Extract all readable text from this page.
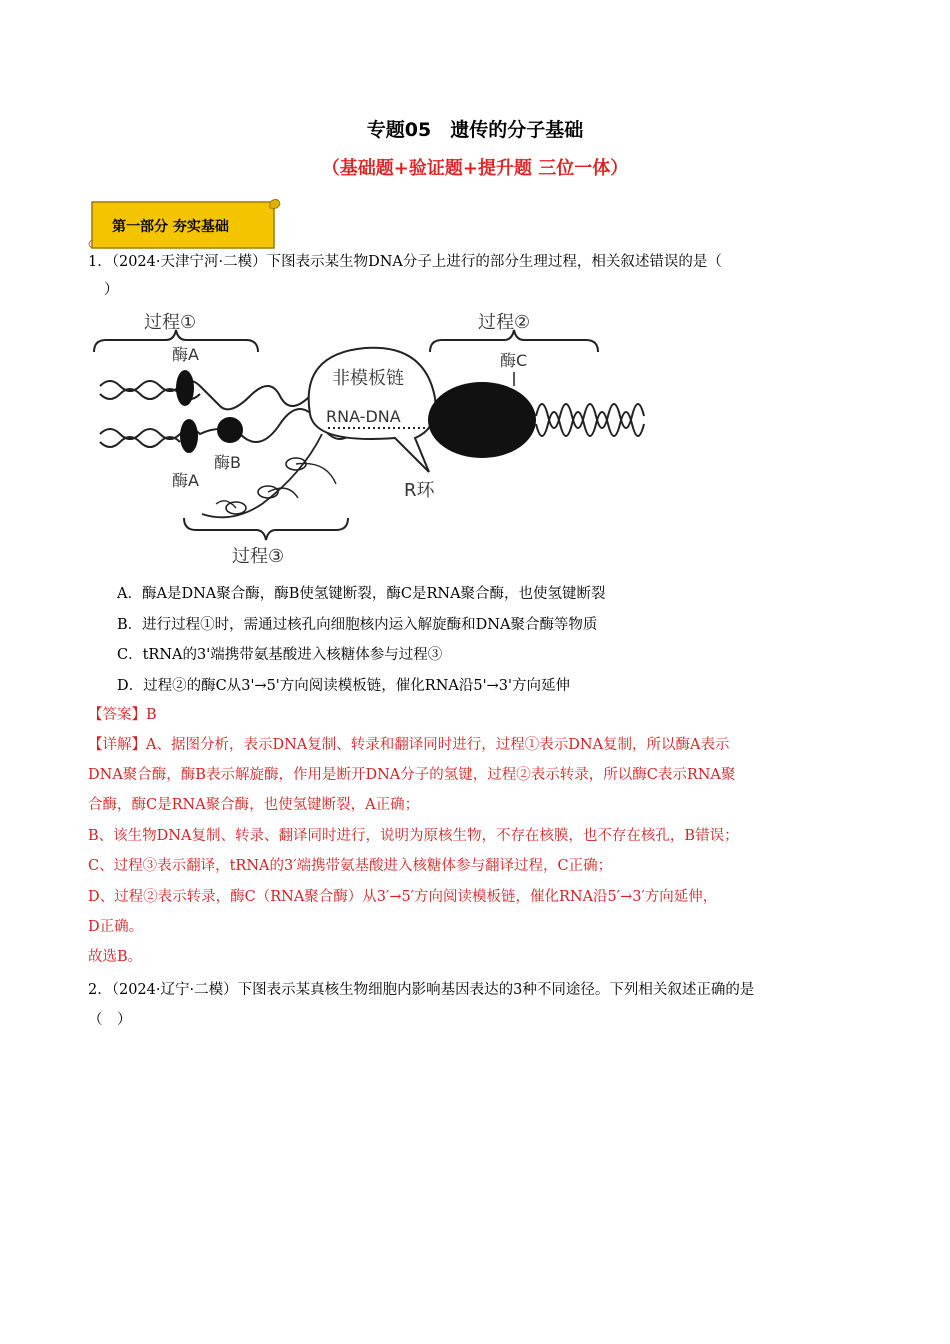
专题05　遗传的分子基础
（基础题+验证题+提升题 三位一体）
第一部分 夯实基础
1．（2024·天津宁河·二模）下图表示某生物DNA分子上进行的部分生理过程，相关叙述错误的是（
）
过程①	过程②
酶A	酶C
酶B
酶A
非模板链
RNA-DNA
R环
过程③
A．酶A是DNA聚合酶，酶B使氢键断裂，酶C是RNA聚合酶，也使氢键断裂
B．进行过程①时，需通过核孔向细胞核内运入解旋酶和DNA聚合酶等物质
C．tRNA的3'端携带氨基酸进入核糖体参与过程③
D．过程②的酶C从3'→5'方向阅读模板链，催化RNA沿5'→3'方向延伸
【答案】B
【详解】A、据图分析，表示DNA复制、转录和翻译同时进行，过程①表示DNA复制，所以酶A表示
DNA聚合酶，酶B表示解旋酶，作用是断开DNA分子的氢键，过程②表示转录，所以酶C表示RNA聚
合酶，酶C是RNA聚合酶，也使氢键断裂，A正确；
B、该生物DNA复制、转录、翻译同时进行，说明为原核生物，不存在核膜，也不存在核孔，B错误；
C、过程③表示翻译，tRNA的3′端携带氨基酸进入核糖体参与翻译过程，C正确；
D、过程②表示转录，酶C（RNA聚合酶）从3′→5′方向阅读模板链，催化RNA沿5′→3′方向延伸，
D正确。
故选B。
2．（2024·辽宁·二模）下图表示某真核生物细胞内影响基因表达的3种不同途径。下列相关叙述正确的是
（　）
